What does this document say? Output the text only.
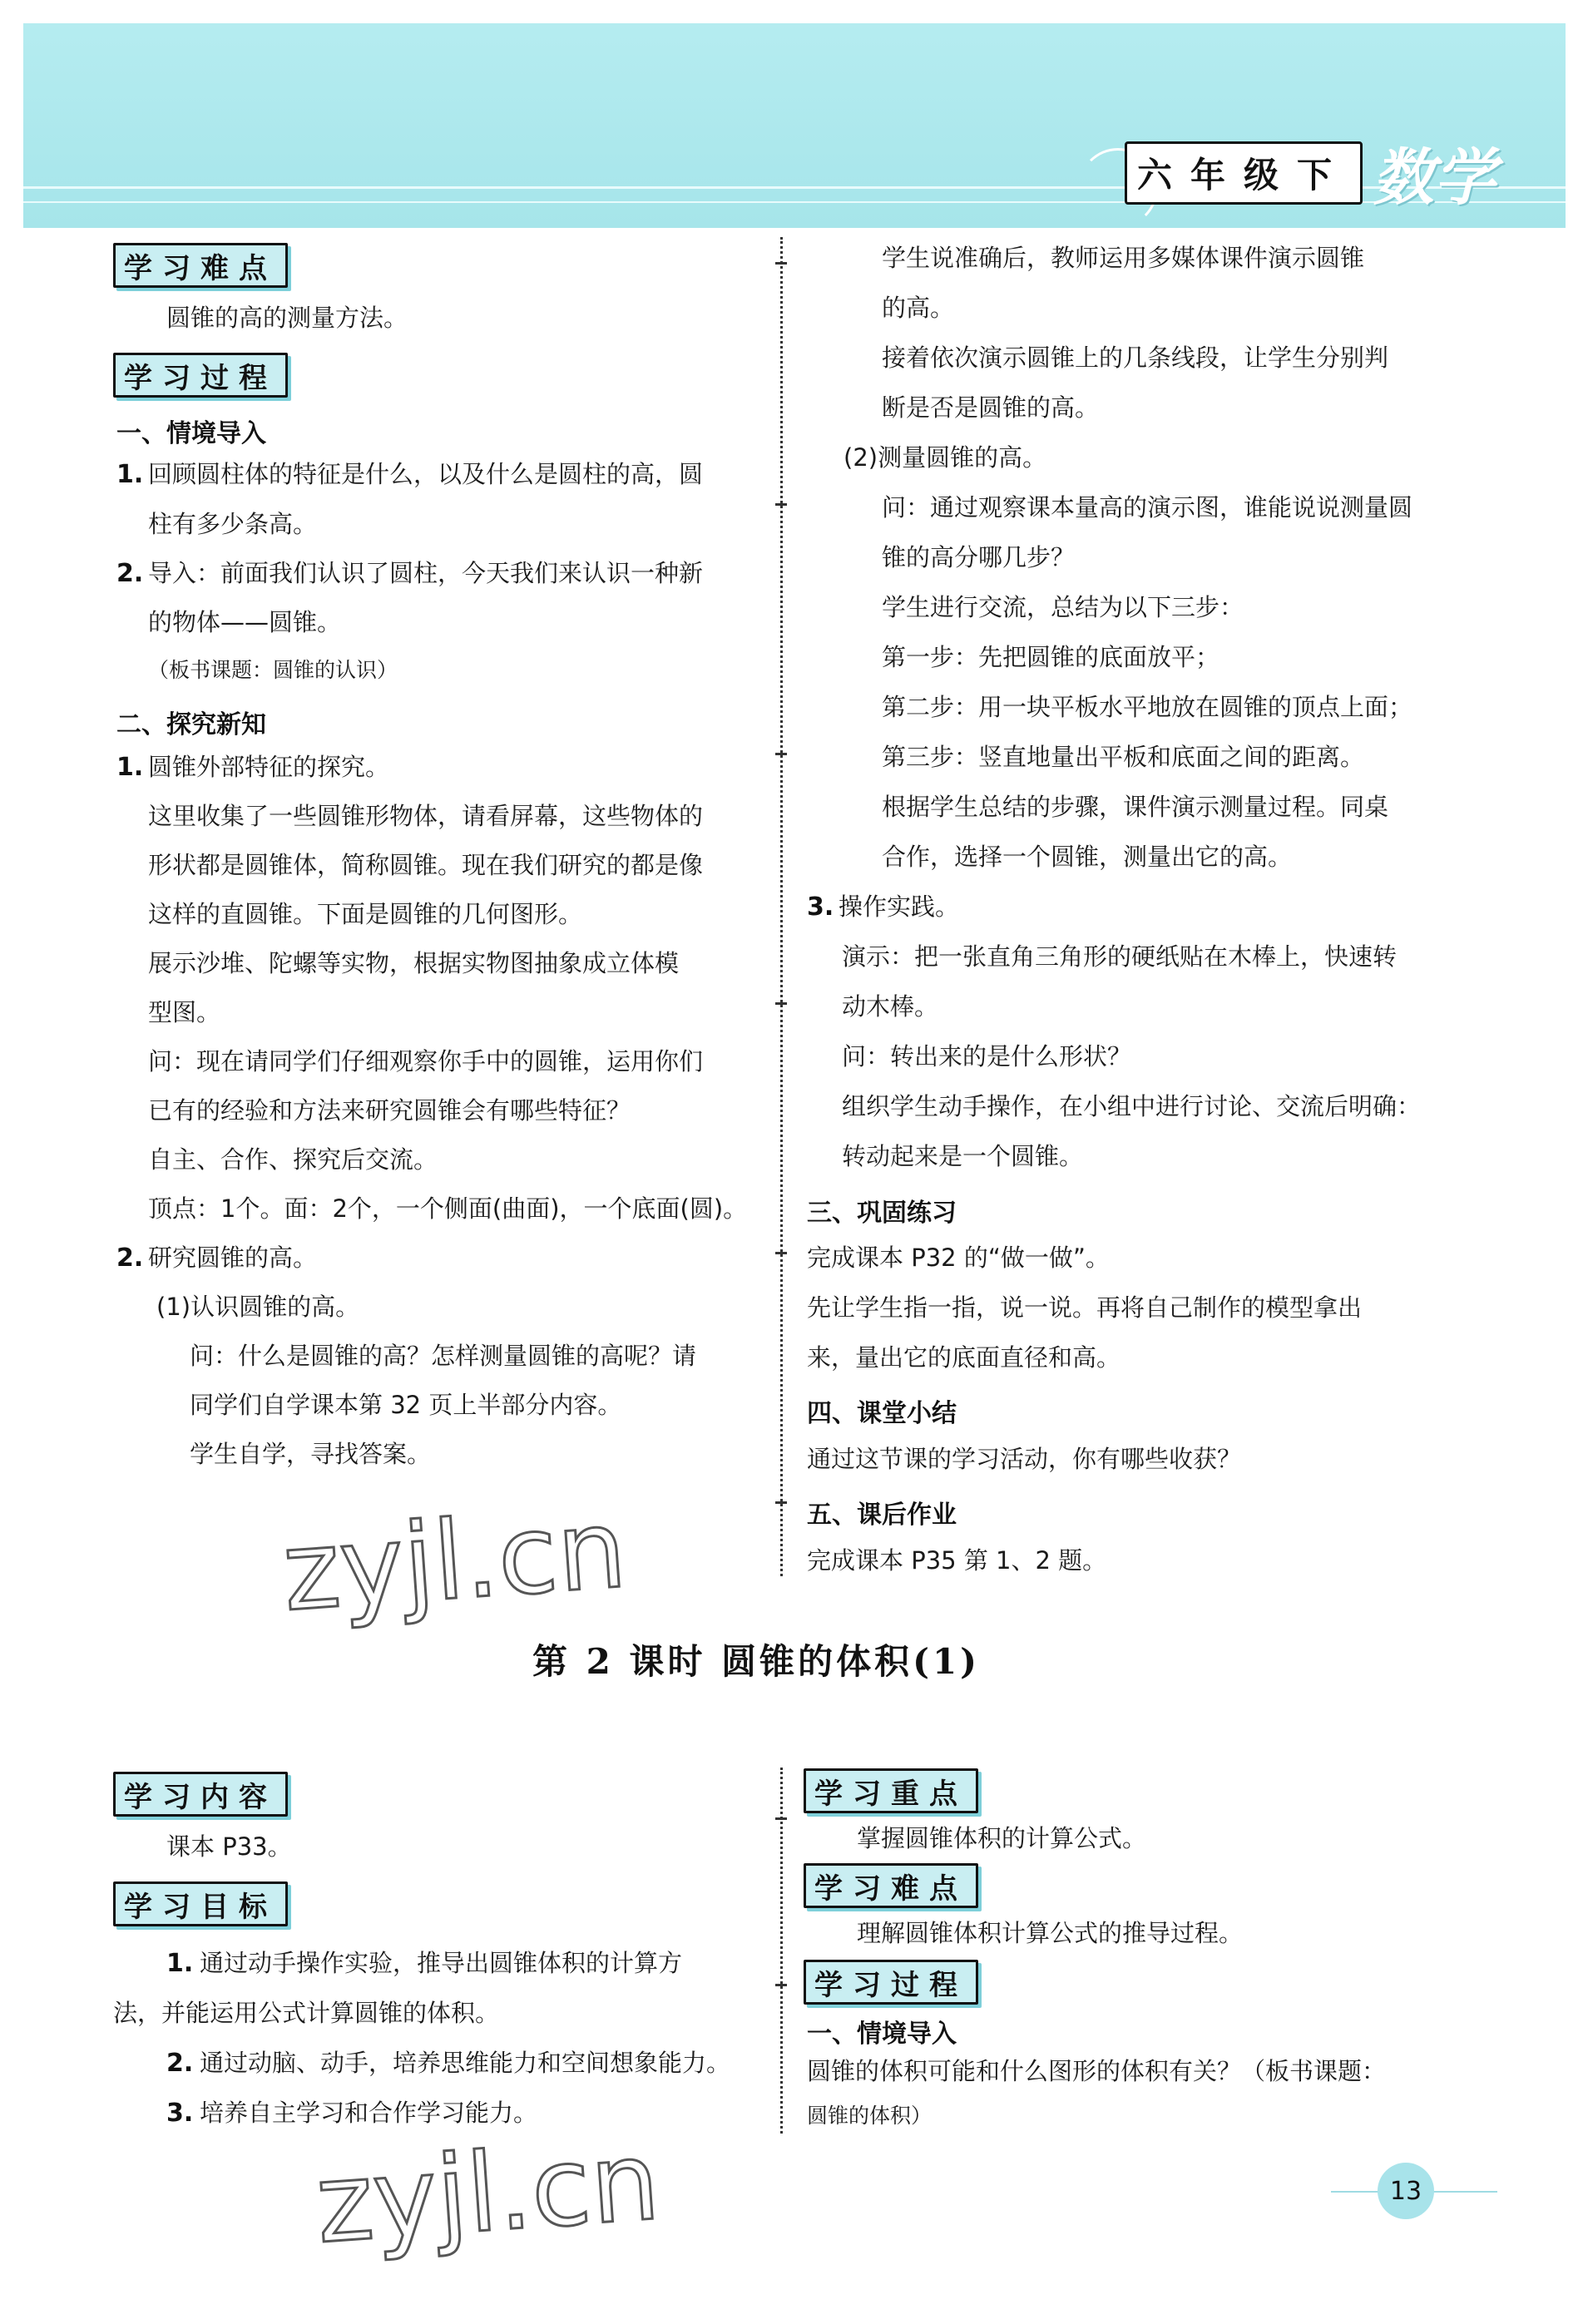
六年级下 数学
学习难点
圆锥的高的测量方法。
学习过程
一、情境导入
1. 回顾圆柱体的特征是什么，以及什么是圆柱的高，圆
柱有多少条高。
2. 导入：前面我们认识了圆柱，今天我们来认识一种新
的物体——圆锥。
（板书课题：圆锥的认识）
二、探究新知
1. 圆锥外部特征的探究。
这里收集了一些圆锥形物体，请看屏幕，这些物体的
形状都是圆锥体，简称圆锥。现在我们研究的都是像
这样的直圆锥。下面是圆锥的几何图形。
展示沙堆、陀螺等实物，根据实物图抽象成立体模
型图。
问：现在请同学们仔细观察你手中的圆锥，运用你们
已有的经验和方法来研究圆锥会有哪些特征？
自主、合作、探究后交流。
顶点：1个。面：2个，一个侧面(曲面)，一个底面(圆)。
2. 研究圆锥的高。
(1)认识圆锥的高。
问：什么是圆锥的高？怎样测量圆锥的高呢？请
同学们自学课本第 32 页上半部分内容。
学生自学，寻找答案。
学生说准确后，教师运用多媒体课件演示圆锥
的高。
接着依次演示圆锥上的几条线段，让学生分别判
断是否是圆锥的高。
(2)测量圆锥的高。
问：通过观察课本量高的演示图，谁能说说测量圆
锥的高分哪几步？
学生进行交流，总结为以下三步：
第一步：先把圆锥的底面放平；
第二步：用一块平板水平地放在圆锥的顶点上面；
第三步：竖直地量出平板和底面之间的距离。
根据学生总结的步骤，课件演示测量过程。同桌
合作，选择一个圆锥，测量出它的高。
3. 操作实践。
演示：把一张直角三角形的硬纸贴在木棒上，快速转
动木棒。
问：转出来的是什么形状？
组织学生动手操作，在小组中进行讨论、交流后明确：
转动起来是一个圆锥。
三、巩固练习
完成课本 P32 的“做一做”。
先让学生指一指，说一说。再将自己制作的模型拿出
来，量出它的底面直径和高。
四、课堂小结
通过这节课的学习活动，你有哪些收获？
五、课后作业
完成课本 P35 第 1、2 题。
第 2 课时 圆锥的体积(1)
学习内容
课本 P33。
学习目标
1. 通过动手操作实验，推导出圆锥体积的计算方
法，并能运用公式计算圆锥的体积。
2. 通过动脑、动手，培养思维能力和空间想象能力。
3. 培养自主学习和合作学习能力。
学习重点
掌握圆锥体积的计算公式。
学习难点
理解圆锥体积计算公式的推导过程。
学习过程
一、情境导入
圆锥的体积可能和什么图形的体积有关？（板书课题：
圆锥的体积）
zyjl.cn
zyjl.cn	13
